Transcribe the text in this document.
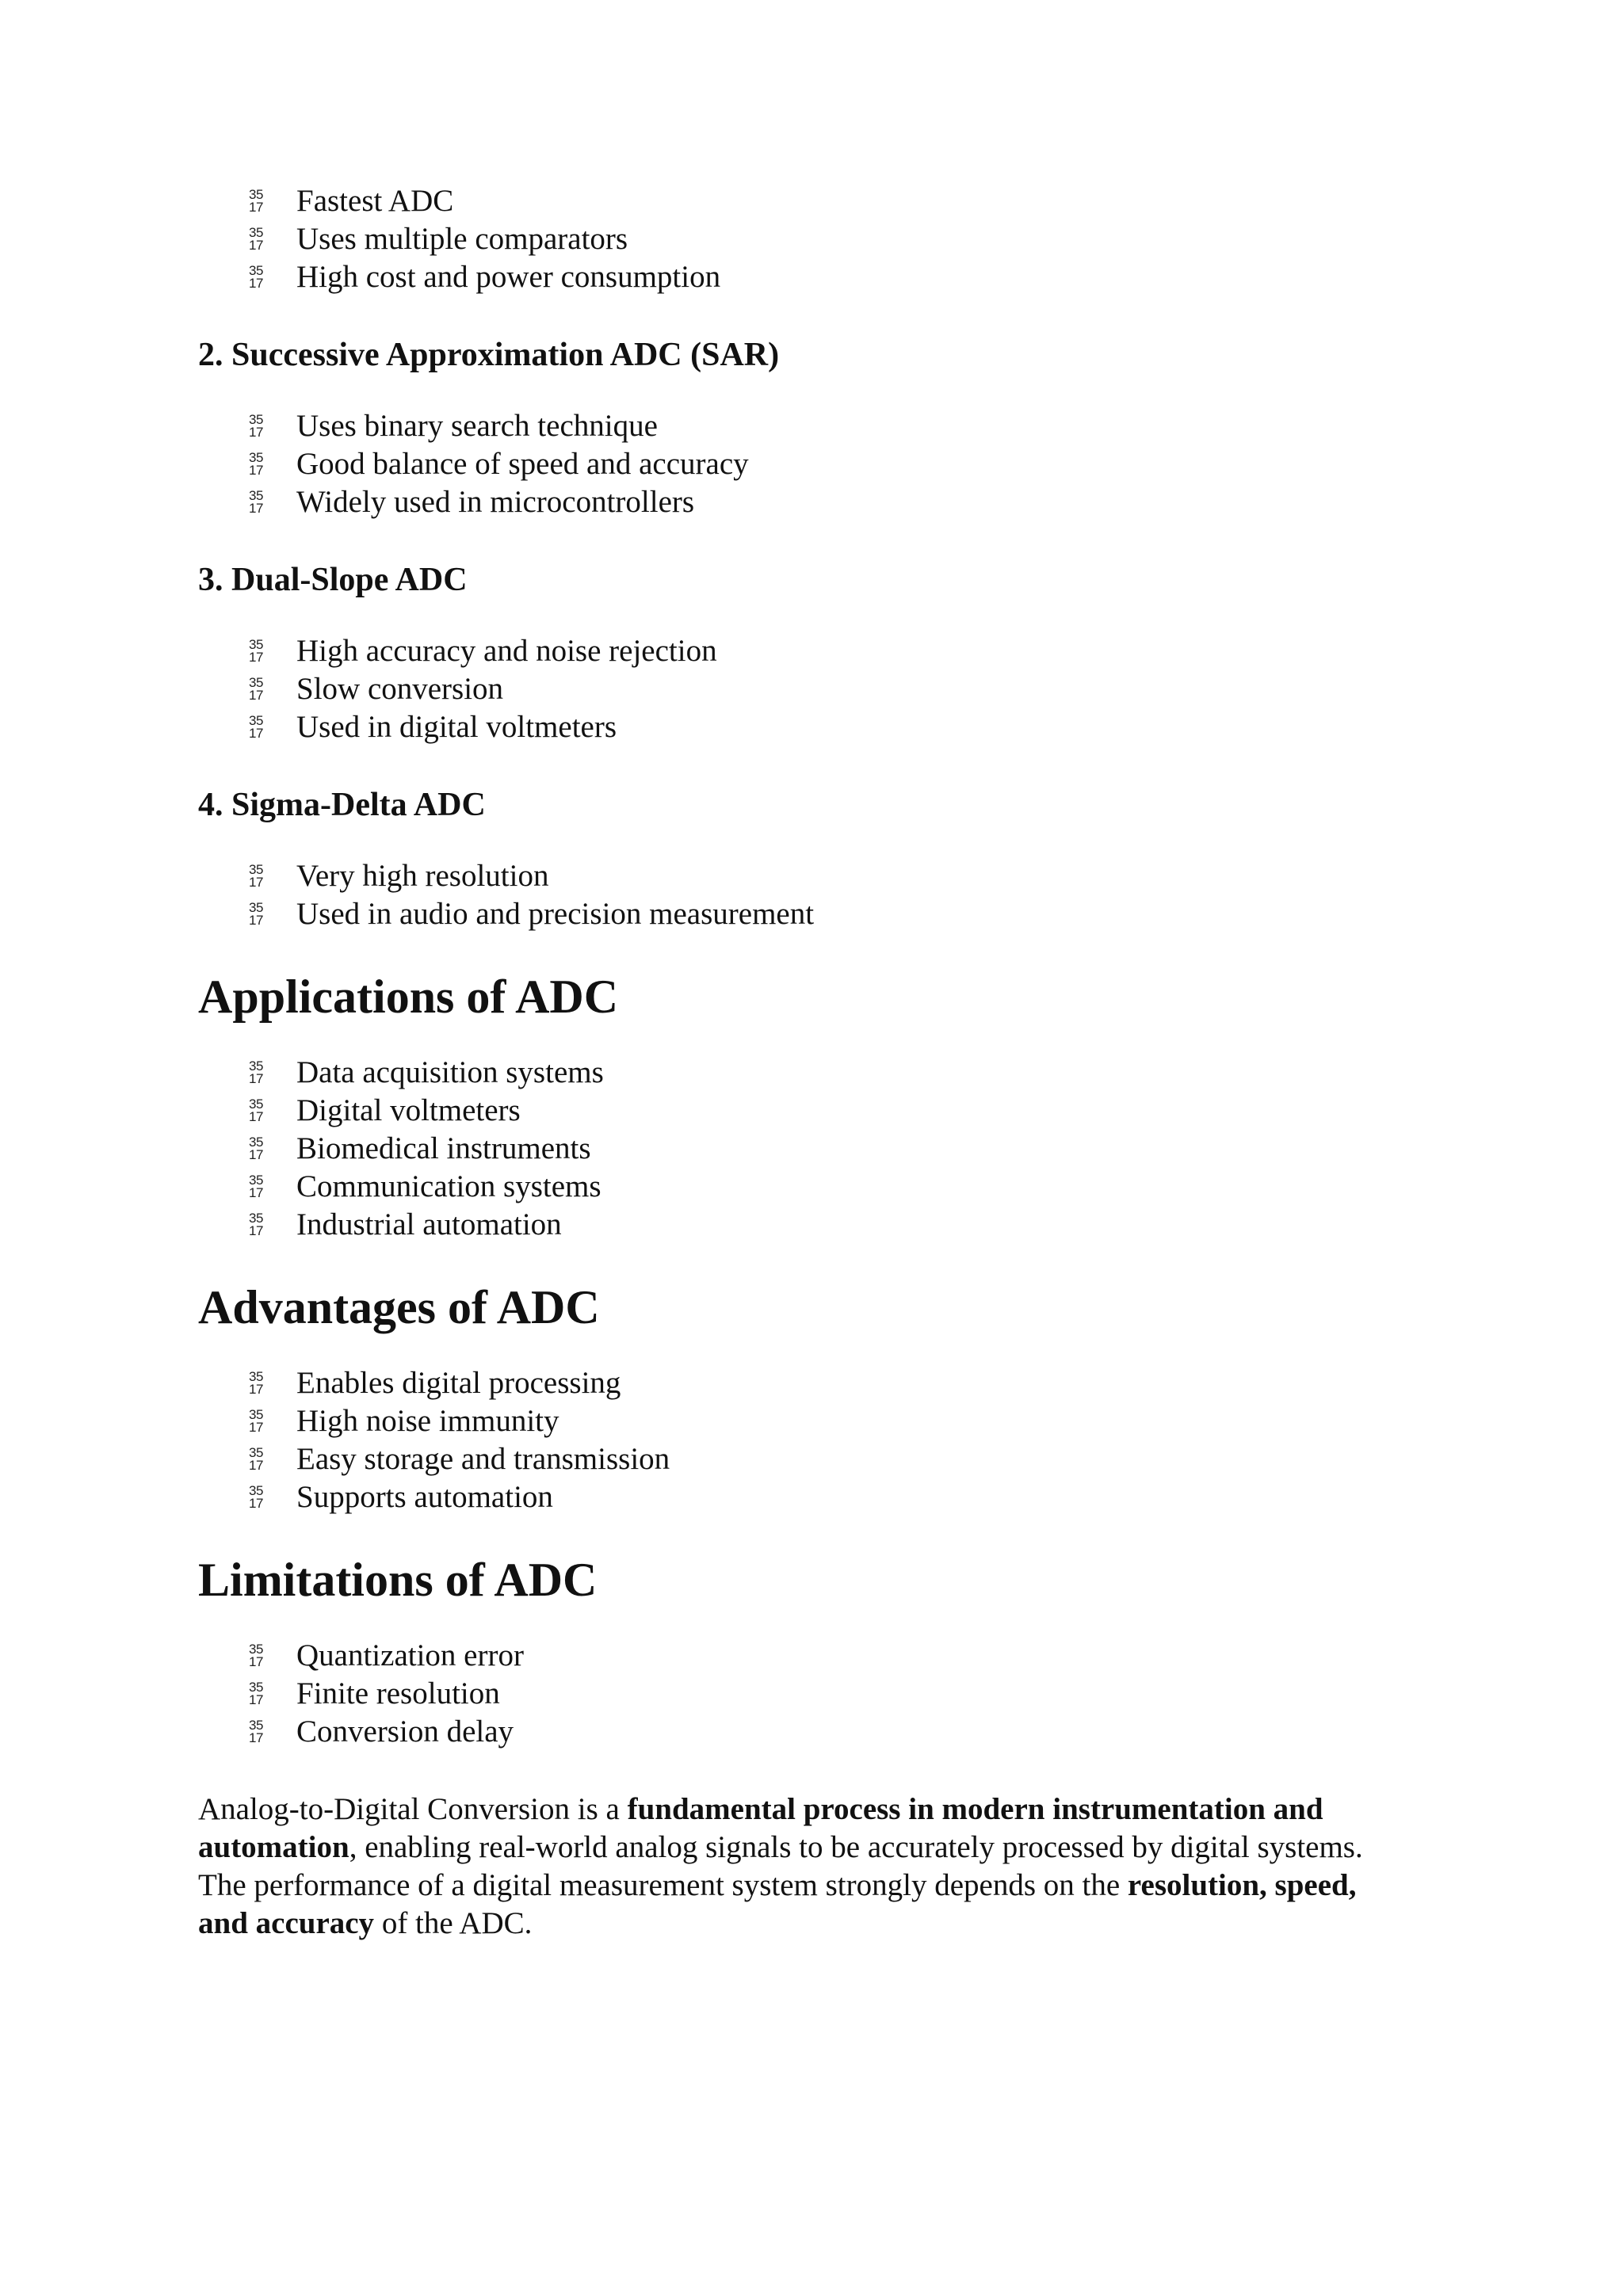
35
17 Fastest ADC
35
17 Uses multiple comparators
35
17 High cost and power consumption
2. Successive Approximation ADC (SAR)
35
17 Uses binary search technique
35
17 Good balance of speed and accuracy
35
17 Widely used in microcontrollers
3. Dual-Slope ADC
35
17 High accuracy and noise rejection
35
17 Slow conversion
35
17 Used in digital voltmeters
4. Sigma-Delta ADC
35
17 Very high resolution
35
17 Used in audio and precision measurement
Applications of ADC
35
17 Data acquisition systems
35
17 Digital voltmeters
35
17 Biomedical instruments
35
17 Communication systems
35
17 Industrial automation
Advantages of ADC
35
17 Enables digital processing
35
17 High noise immunity
35
17 Easy storage and transmission
35
17 Supports automation
Limitations of ADC
35
17 Quantization error
35
17 Finite resolution
35
17 Conversion delay

Analog-to-Digital Conversion is a fundamental process in modern instrumentation and automation, enabling real-world analog signals to be accurately processed by digital systems. The performance of a digital measurement system strongly depends on the resolution, speed, and accuracy of the ADC.
